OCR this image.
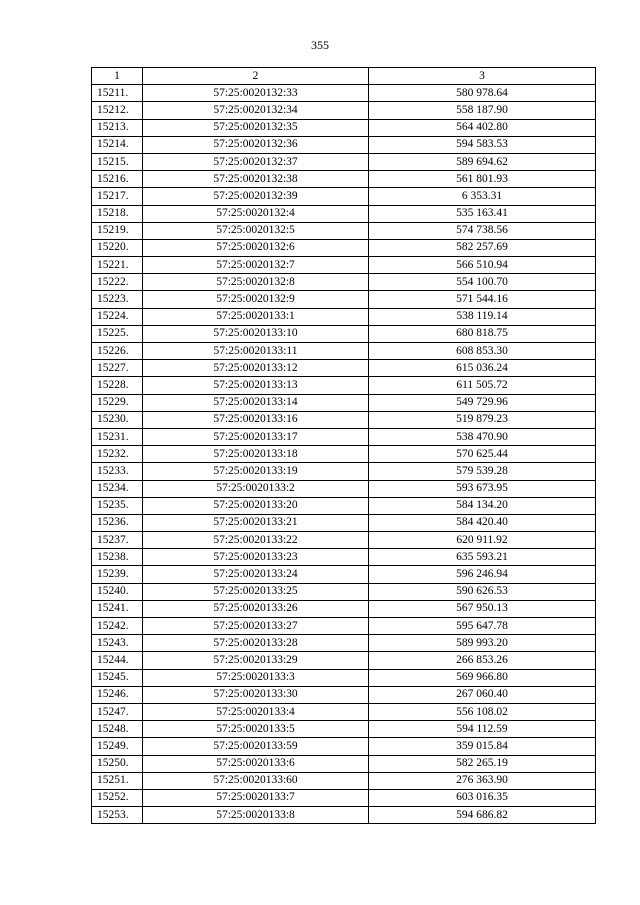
355
1	2	3
15211.	57:25:0020132:33	580 978.64
15212.	57:25:0020132:34	558 187.90
15213.	57:25:0020132:35	564 402.80
15214.	57:25:0020132:36	594 583.53
15215.	57:25:0020132:37	589 694.62
15216.	57:25:0020132:38	561 801.93
15217.	57:25:0020132:39	6 353.31
15218.	57:25:0020132:4	535 163.41
15219.	57:25:0020132:5	574 738.56
15220.	57:25:0020132:6	582 257.69
15221.	57:25:0020132:7	566 510.94
15222.	57:25:0020132:8	554 100.70
15223.	57:25:0020132:9	571 544.16
15224.	57:25:0020133:1	538 119.14
15225.	57:25:0020133:10	680 818.75
15226.	57:25:0020133:11	608 853.30
15227.	57:25:0020133:12	615 036.24
15228.	57:25:0020133:13	611 505.72
15229.	57:25:0020133:14	549 729.96
15230.	57:25:0020133:16	519 879.23
15231.	57:25:0020133:17	538 470.90
15232.	57:25:0020133:18	570 625.44
15233.	57:25:0020133:19	579 539.28
15234.	57:25:0020133:2	593 673.95
15235.	57:25:0020133:20	584 134.20
15236.	57:25:0020133:21	584 420.40
15237.	57:25:0020133:22	620 911.92
15238.	57:25:0020133:23	635 593.21
15239.	57:25:0020133:24	596 246.94
15240.	57:25:0020133:25	590 626.53
15241.	57:25:0020133:26	567 950.13
15242.	57:25:0020133:27	595 647.78
15243.	57:25:0020133:28	589 993.20
15244.	57:25:0020133:29	266 853.26
15245.	57:25:0020133:3	569 966.80
15246.	57:25:0020133:30	267 060.40
15247.	57:25:0020133:4	556 108.02
15248.	57:25:0020133:5	594 112.59
15249.	57:25:0020133:59	359 015.84
15250.	57:25:0020133:6	582 265.19
15251.	57:25:0020133:60	276 363.90
15252.	57:25:0020133:7	603 016.35
15253.	57:25:0020133:8	594 686.82
